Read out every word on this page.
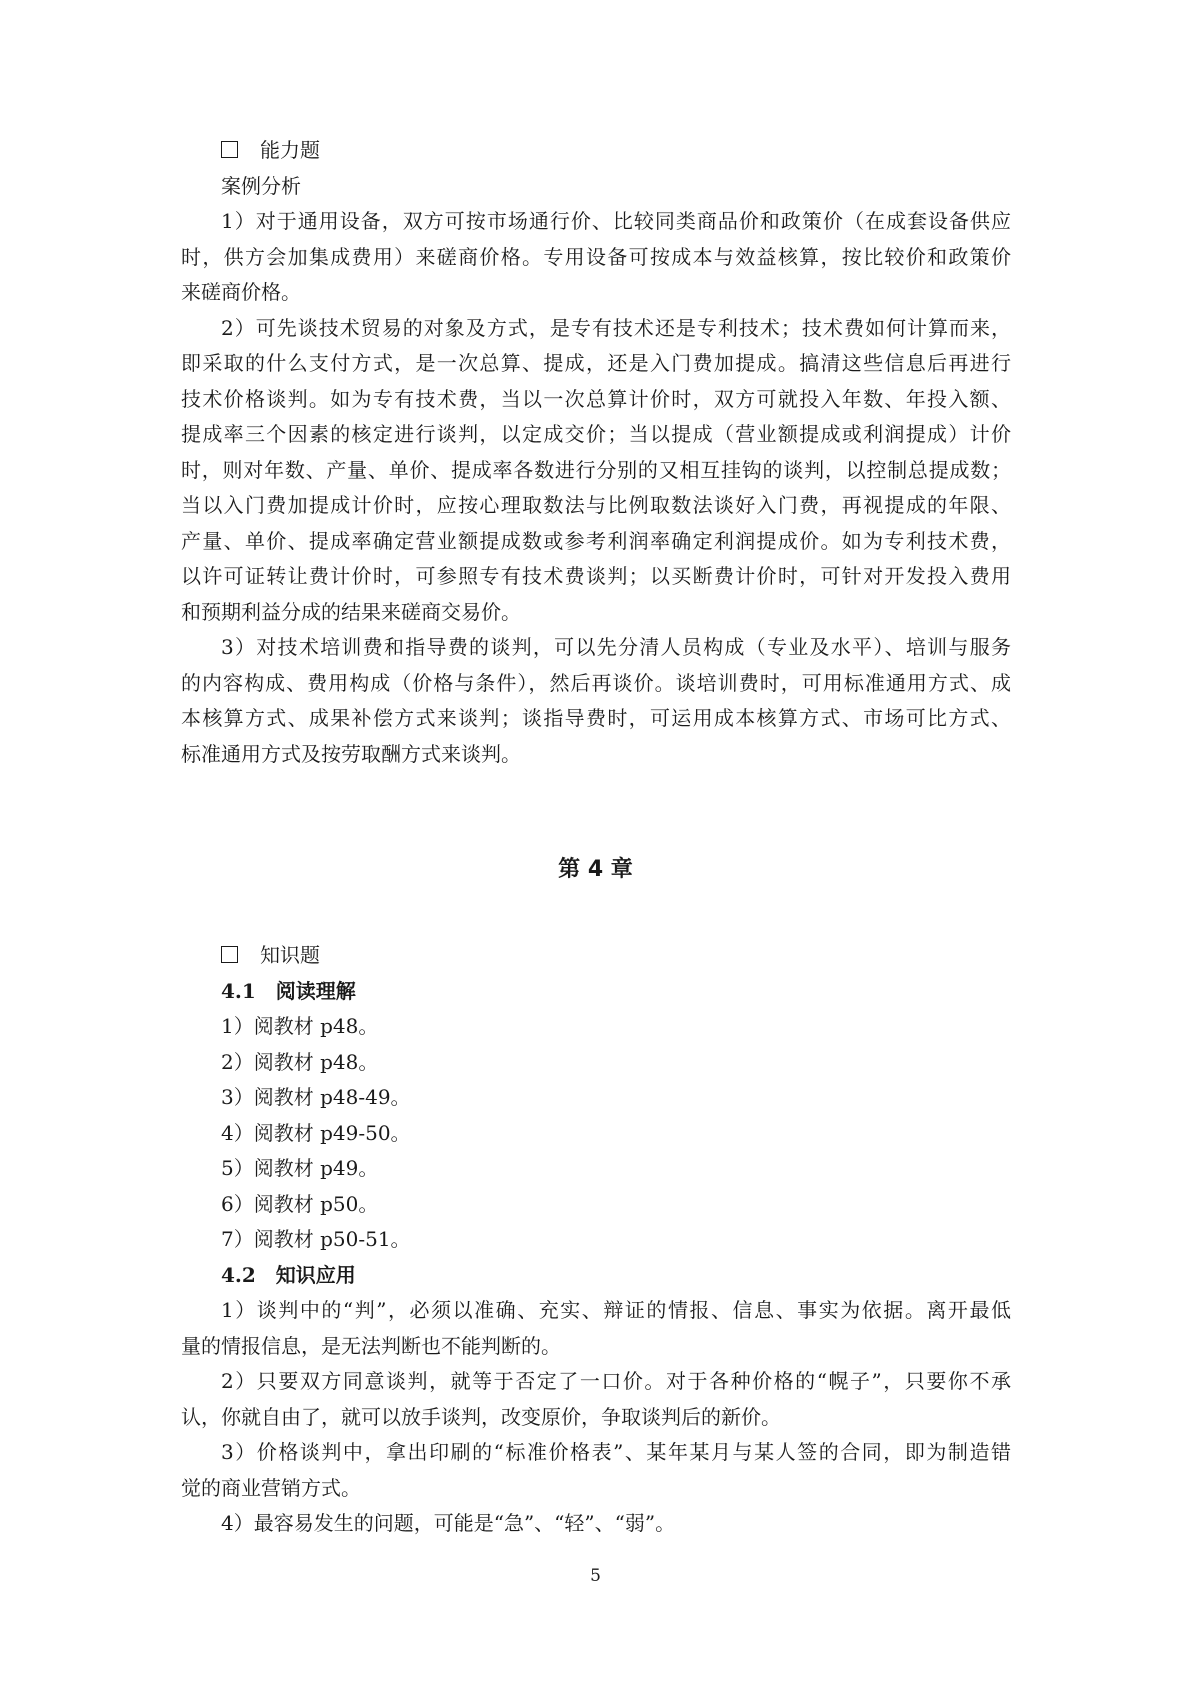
能力题
案例分析
1）对于通用设备，双方可按市场通行价、比较同类商品价和政策价（在成套设备供应
时，供方会加集成费用）来磋商价格。专用设备可按成本与效益核算，按比较价和政策价
来磋商价格。
2）可先谈技术贸易的对象及方式，是专有技术还是专利技术；技术费如何计算而来，
即采取的什么支付方式，是一次总算、提成，还是入门费加提成。搞清这些信息后再进行
技术价格谈判。如为专有技术费，当以一次总算计价时，双方可就投入年数、年投入额、
提成率三个因素的核定进行谈判，以定成交价；当以提成（营业额提成或利润提成）计价
时，则对年数、产量、单价、提成率各数进行分别的又相互挂钩的谈判，以控制总提成数；
当以入门费加提成计价时，应按心理取数法与比例取数法谈好入门费，再视提成的年限、
产量、单价、提成率确定营业额提成数或参考利润率确定利润提成价。如为专利技术费，
以许可证转让费计价时，可参照专有技术费谈判；以买断费计价时，可针对开发投入费用
和预期利益分成的结果来磋商交易价。
3）对技术培训费和指导费的谈判，可以先分清人员构成（专业及水平）、培训与服务
的内容构成、费用构成（价格与条件），然后再谈价。谈培训费时，可用标准通用方式、成
本核算方式、成果补偿方式来谈判；谈指导费时，可运用成本核算方式、市场可比方式、
标准通用方式及按劳取酬方式来谈判。
第 4 章
知识题
4.1　阅读理解
1）阅教材 p48。
2）阅教材 p48。
3）阅教材 p48-49。
4）阅教材 p49-50。
5）阅教材 p49。
6）阅教材 p50。
7）阅教材 p50-51。
4.2　知识应用
1）谈判中的“判”，必须以准确、充实、辩证的情报、信息、事实为依据。离开最低
量的情报信息，是无法判断也不能判断的。
2）只要双方同意谈判，就等于否定了一口价。对于各种价格的“幌子”，只要你不承
认，你就自由了，就可以放手谈判，改变原价，争取谈判后的新价。
3）价格谈判中，拿出印刷的“标准价格表”、某年某月与某人签的合同，即为制造错
觉的商业营销方式。
4）最容易发生的问题，可能是“急”、“轻”、“弱”。
5
